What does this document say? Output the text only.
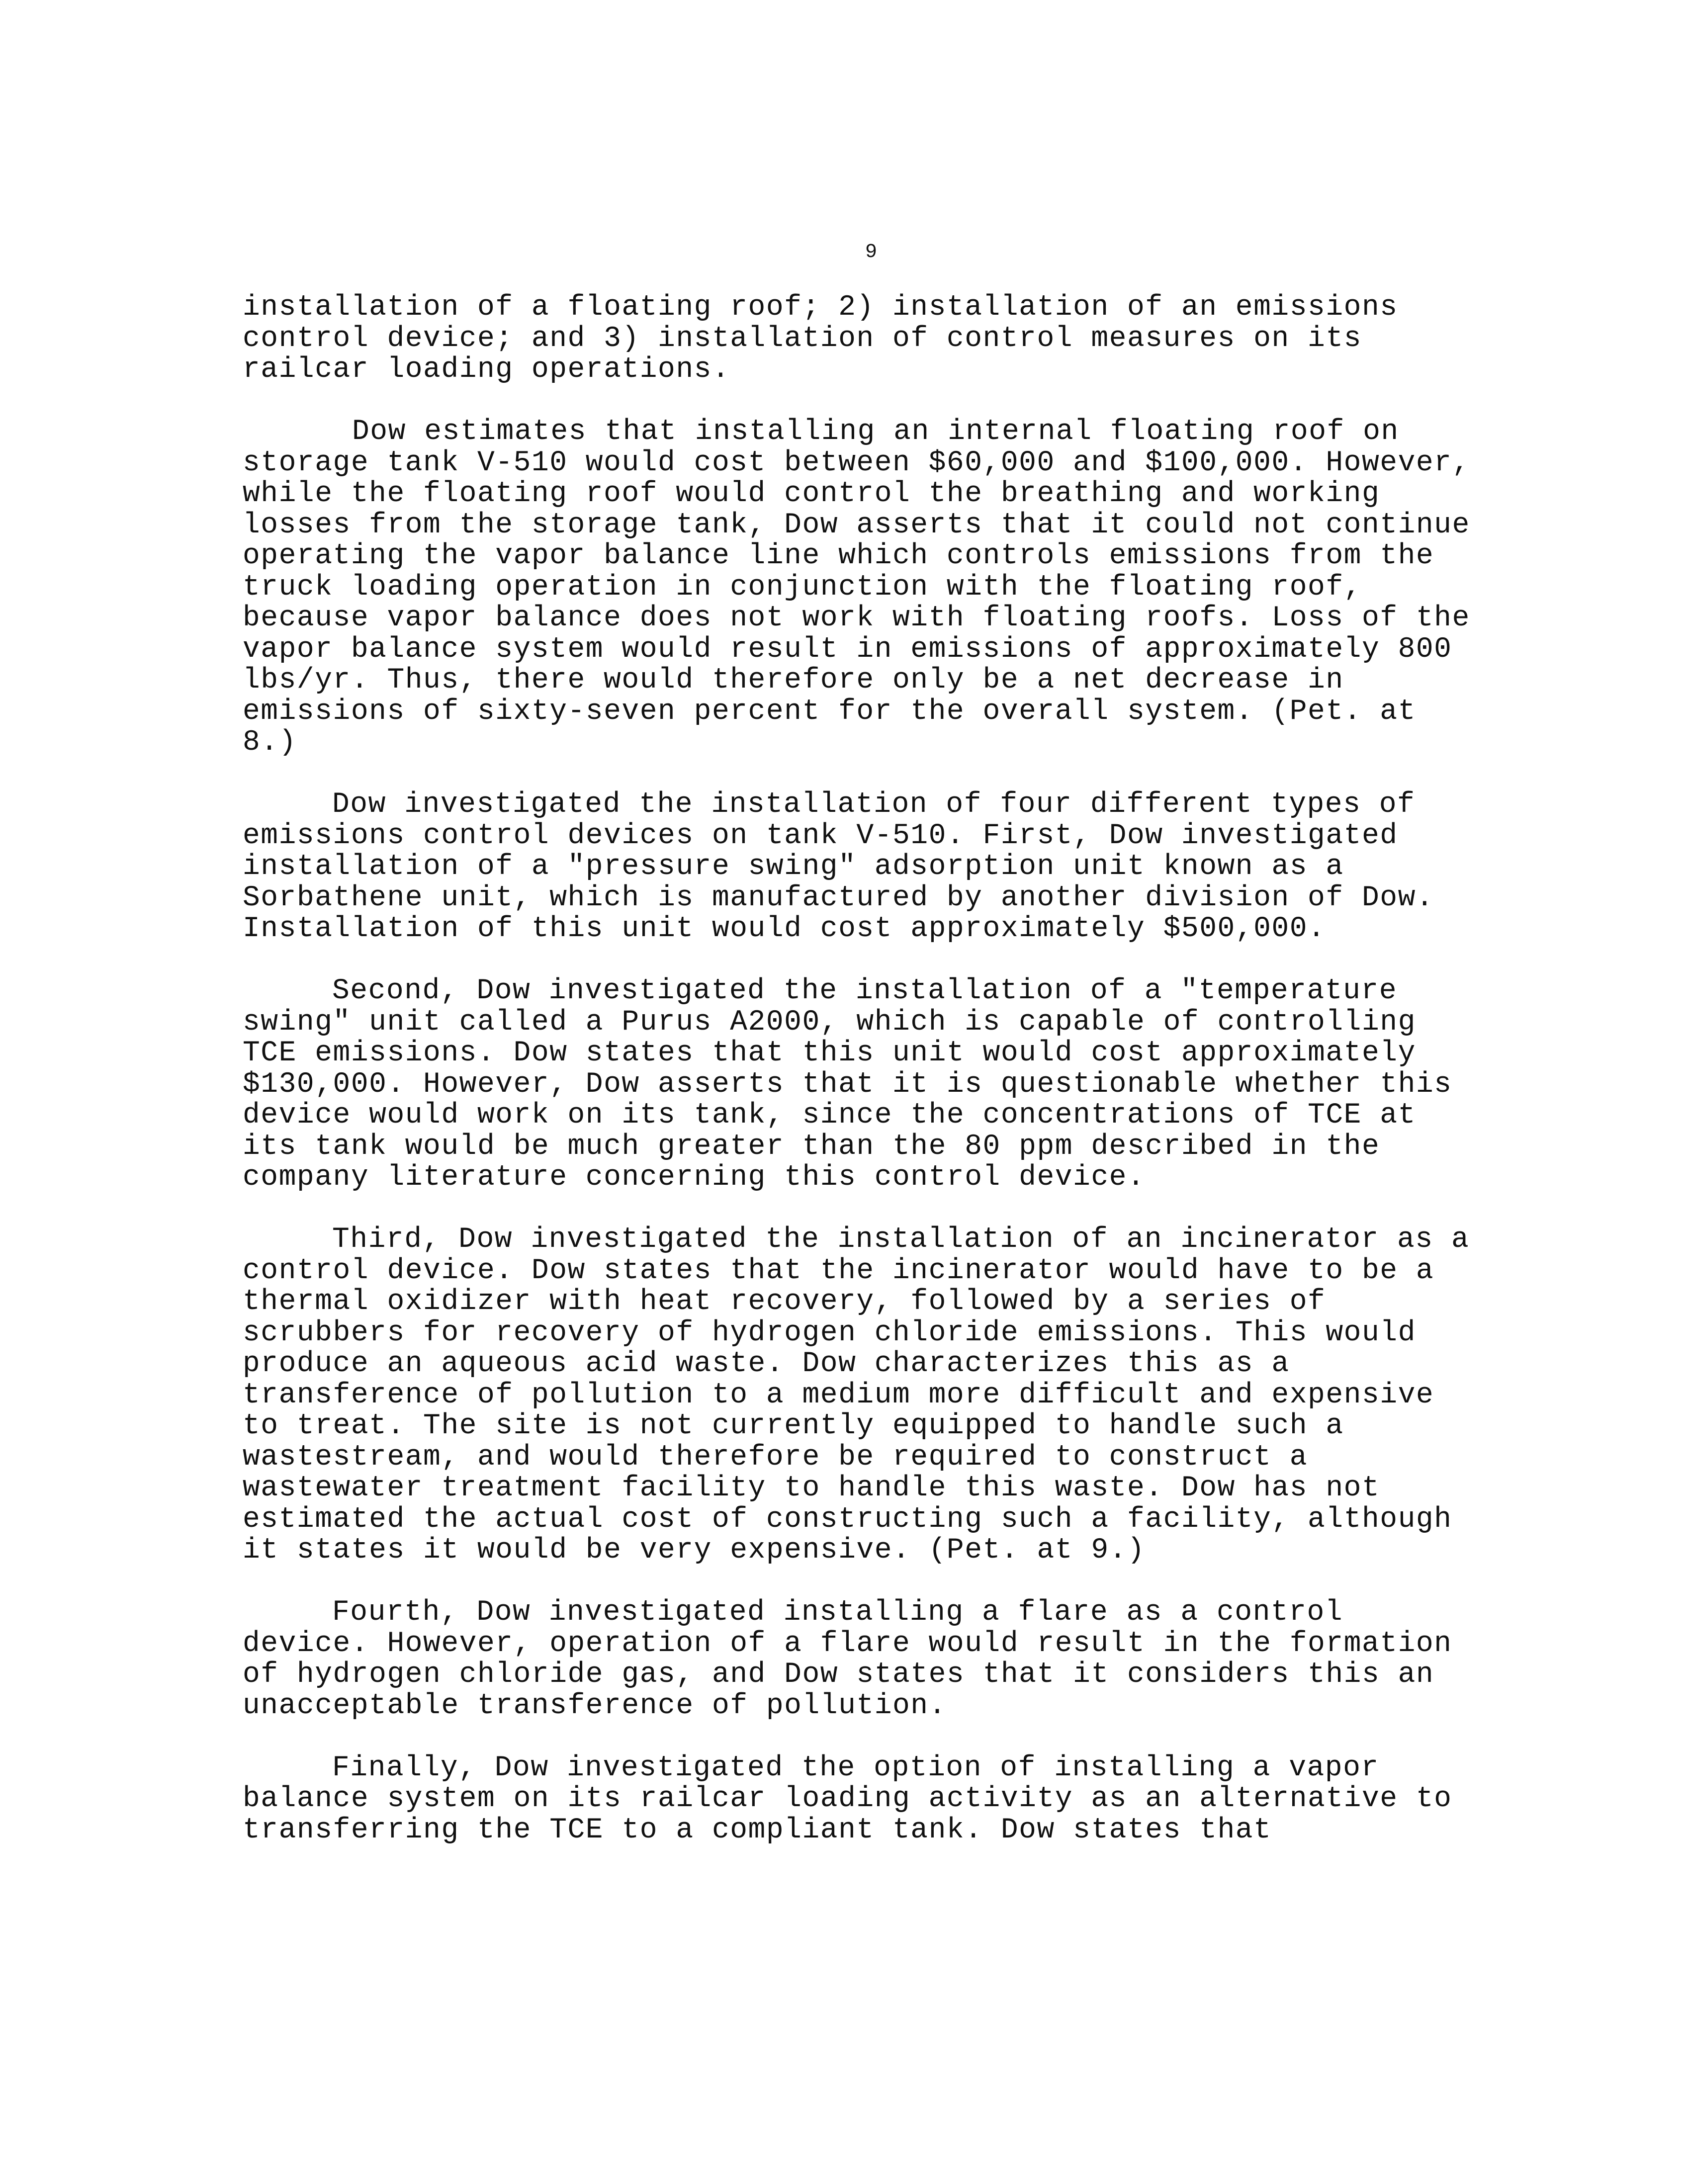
9

installation of a floating roof; 2) installation of an emissions control device; and 3) installation of control measures on its railcar loading operations.

Dow estimates that installing an internal floating roof on storage tank V-510 would cost between $60,000 and $100,000. However, while the floating roof would control the breathing and working losses from the storage tank, Dow asserts that it could not continue operating the vapor balance line which controls emissions from the truck loading operation in conjunction with the floating roof, because vapor balance does not work with floating roofs. Loss of the vapor balance system would result in emissions of approximately 800 lbs/yr. Thus, there would therefore only be a net decrease in emissions of sixty-seven percent for the overall system. (Pet. at 8.)

Dow investigated the installation of four different types of emissions control devices on tank V-510. First, Dow investigated installation of a "pressure swing" adsorption unit known as a Sorbathene unit, which is manufactured by another division of Dow. Installation of this unit would cost approximately $500,000.

Second, Dow investigated the installation of a "temperature swing" unit called a Purus A2000, which is capable of controlling TCE emissions. Dow states that this unit would cost approximately $130,000. However, Dow asserts that it is questionable whether this device would work on its tank, since the concentrations of TCE at its tank would be much greater than the 80 ppm described in the company literature concerning this control device.

Third, Dow investigated the installation of an incinerator as a control device. Dow states that the incinerator would have to be a thermal oxidizer with heat recovery, followed by a series of scrubbers for recovery of hydrogen chloride emissions. This would produce an aqueous acid waste. Dow characterizes this as a transference of pollution to a medium more difficult and expensive to treat. The site is not currently equipped to handle such a wastestream, and would therefore be required to construct a wastewater treatment facility to handle this waste. Dow has not estimated the actual cost of constructing such a facility, although it states it would be very expensive. (Pet. at 9.)

Fourth, Dow investigated installing a flare as a control device. However, operation of a flare would result in the formation of hydrogen chloride gas, and Dow states that it considers this an unacceptable transference of pollution.

Finally, Dow investigated the option of installing a vapor balance system on its railcar loading activity as an alternative to transferring the TCE to a compliant tank. Dow states that
